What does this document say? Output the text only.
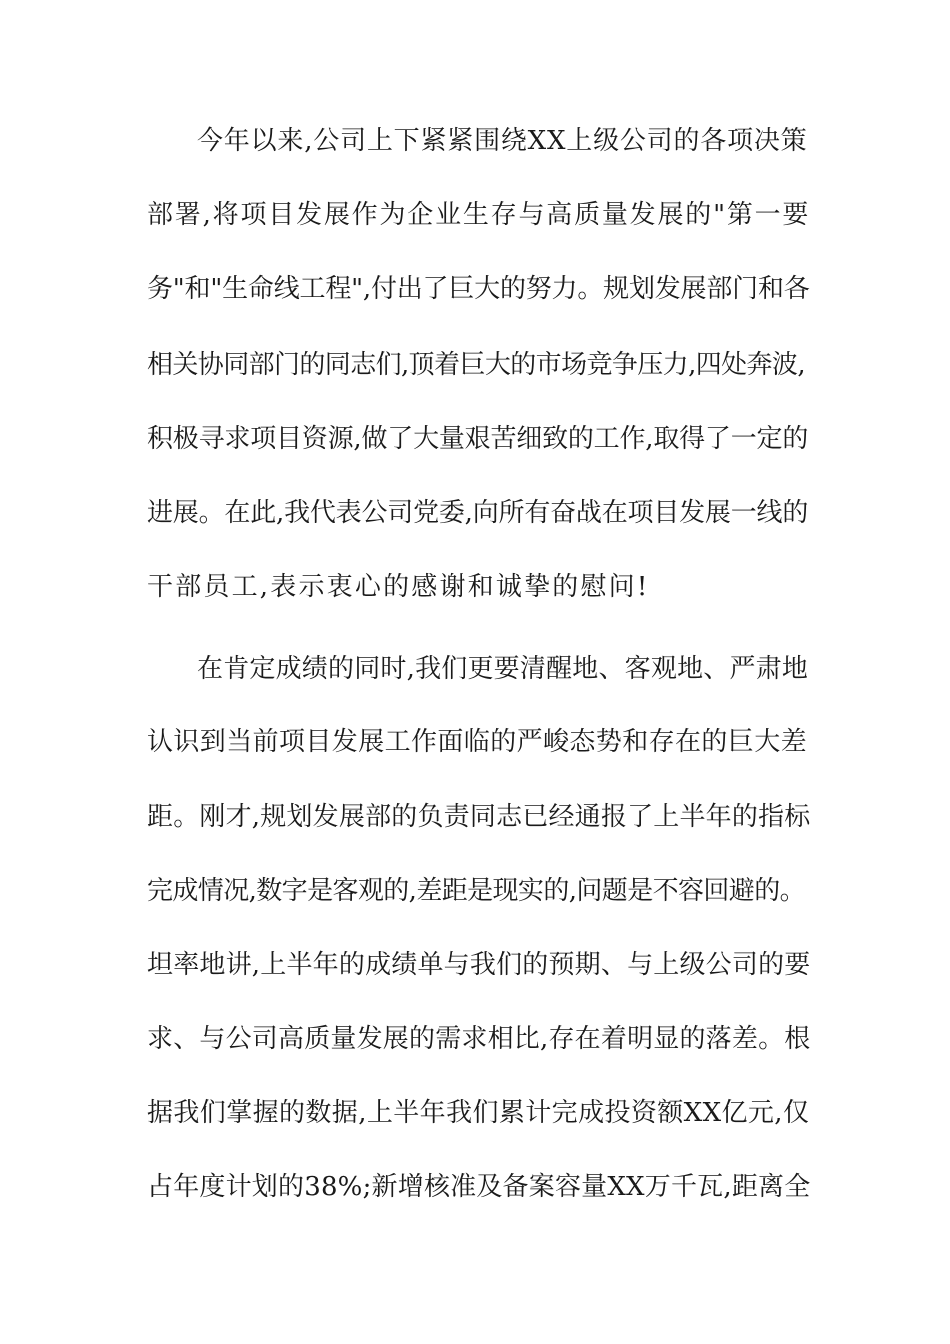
今年以来,公司上下紧紧围绕XX上级公司的各项决策
部署,将项目发展作为企业生存与高质量发展的"第一要
务"和"生命线工程",付出了巨大的努力。规划发展部门和各
相关协同部门的同志们,顶着巨大的市场竞争压力,四处奔波,
积极寻求项目资源,做了大量艰苦细致的工作,取得了一定的
进展。在此,我代表公司党委,向所有奋战在项目发展一线的
干部员工,表示衷心的感谢和诚挚的慰问!
在肯定成绩的同时,我们更要清醒地、客观地、严肃地
认识到当前项目发展工作面临的严峻态势和存在的巨大差
距。刚才,规划发展部的负责同志已经通报了上半年的指标
完成情况,数字是客观的,差距是现实的,问题是不容回避的。
坦率地讲,上半年的成绩单与我们的预期、与上级公司的要
求、与公司高质量发展的需求相比,存在着明显的落差。根
据我们掌握的数据,上半年我们累计完成投资额XX亿元,仅
占年度计划的38%;新增核准及备案容量XX万千瓦,距离全
